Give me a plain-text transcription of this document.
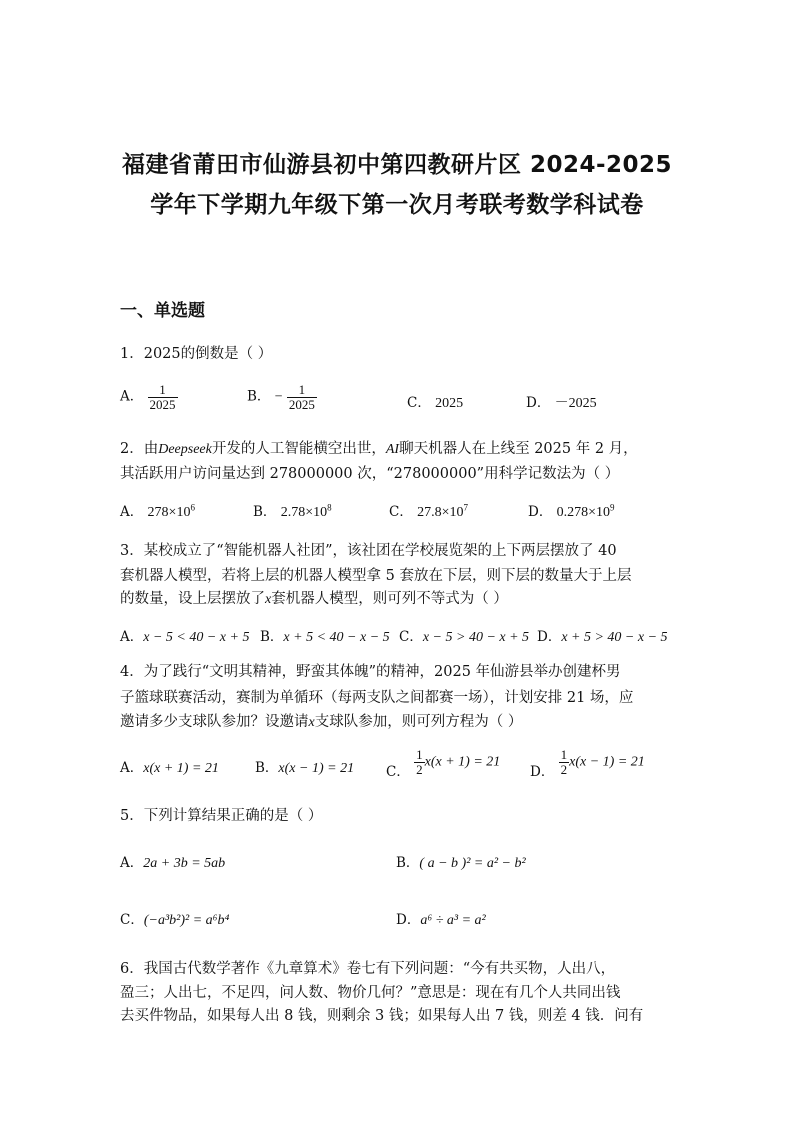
福建省莆田市仙游县初中第四教研片区 2024-2025
学年下学期九年级下第一次月考联考数学科试卷
一、单选题
1．2025的倒数是（ ）
A． $\frac{1}{2025}$	B． − $\frac{1}{2025}$	C． 2025	D． －2025
2．由Deepseek开发的人工智能横空出世，AI聊天机器人在上线至 2025 年 2 月，
其活跃用户访问量达到 278000000 次，“278000000”用科学记数法为（ ）
A． $278\times 10^6$	B． $2.78\times 10^8$	C． $27.8\times 10^7$	D． $0.278\times 10^9$
3．某校成立了“智能机器人社团”，该社团在学校展览架的上下两层摆放了 40
套机器人模型，若将上层的机器人模型拿 5 套放在下层，则下层的数量大于上层
的数量，设上层摆放了x套机器人模型，则可列不等式为（ ）
A．x − 5 < 40 − x + 5 B．x + 5 < 40 − x − 5 C．x − 5 > 40 − x + 5 D．x + 5 > 40 − x − 5
4．为了践行“文明其精神，野蛮其体魄”的精神，2025 年仙游县举办创建杯男
子篮球联赛活动，赛制为单循环（每两支队之间都赛一场），计划安排 21 场，应
邀请多少支球队参加？设邀请x支球队参加，则可列方程为（ ）
A．x(x + 1) = 21	B．x(x − 1) = 21 C． $\frac{1}{2} x(x + 1) = 21$
D． $\frac{1}{2} x(x - 1) = 21$
5．下列计算结果正确的是（ ）
A．2a + 3b = 5ab	B．( a − b )² = a² − b²
C．(−a³b²)² = a⁶b⁴	D．a⁶ ÷ a³ = a²
6．我国古代数学著作《九章算术》卷七有下列问题：“今有共买物，人出八，
盈三；人出七，不足四，问人数、物价几何？”意思是：现在有几个人共同出钱
去买件物品，如果每人出 8 钱，则剩余 3 钱；如果每人出 7 钱，则差 4 钱．问有
